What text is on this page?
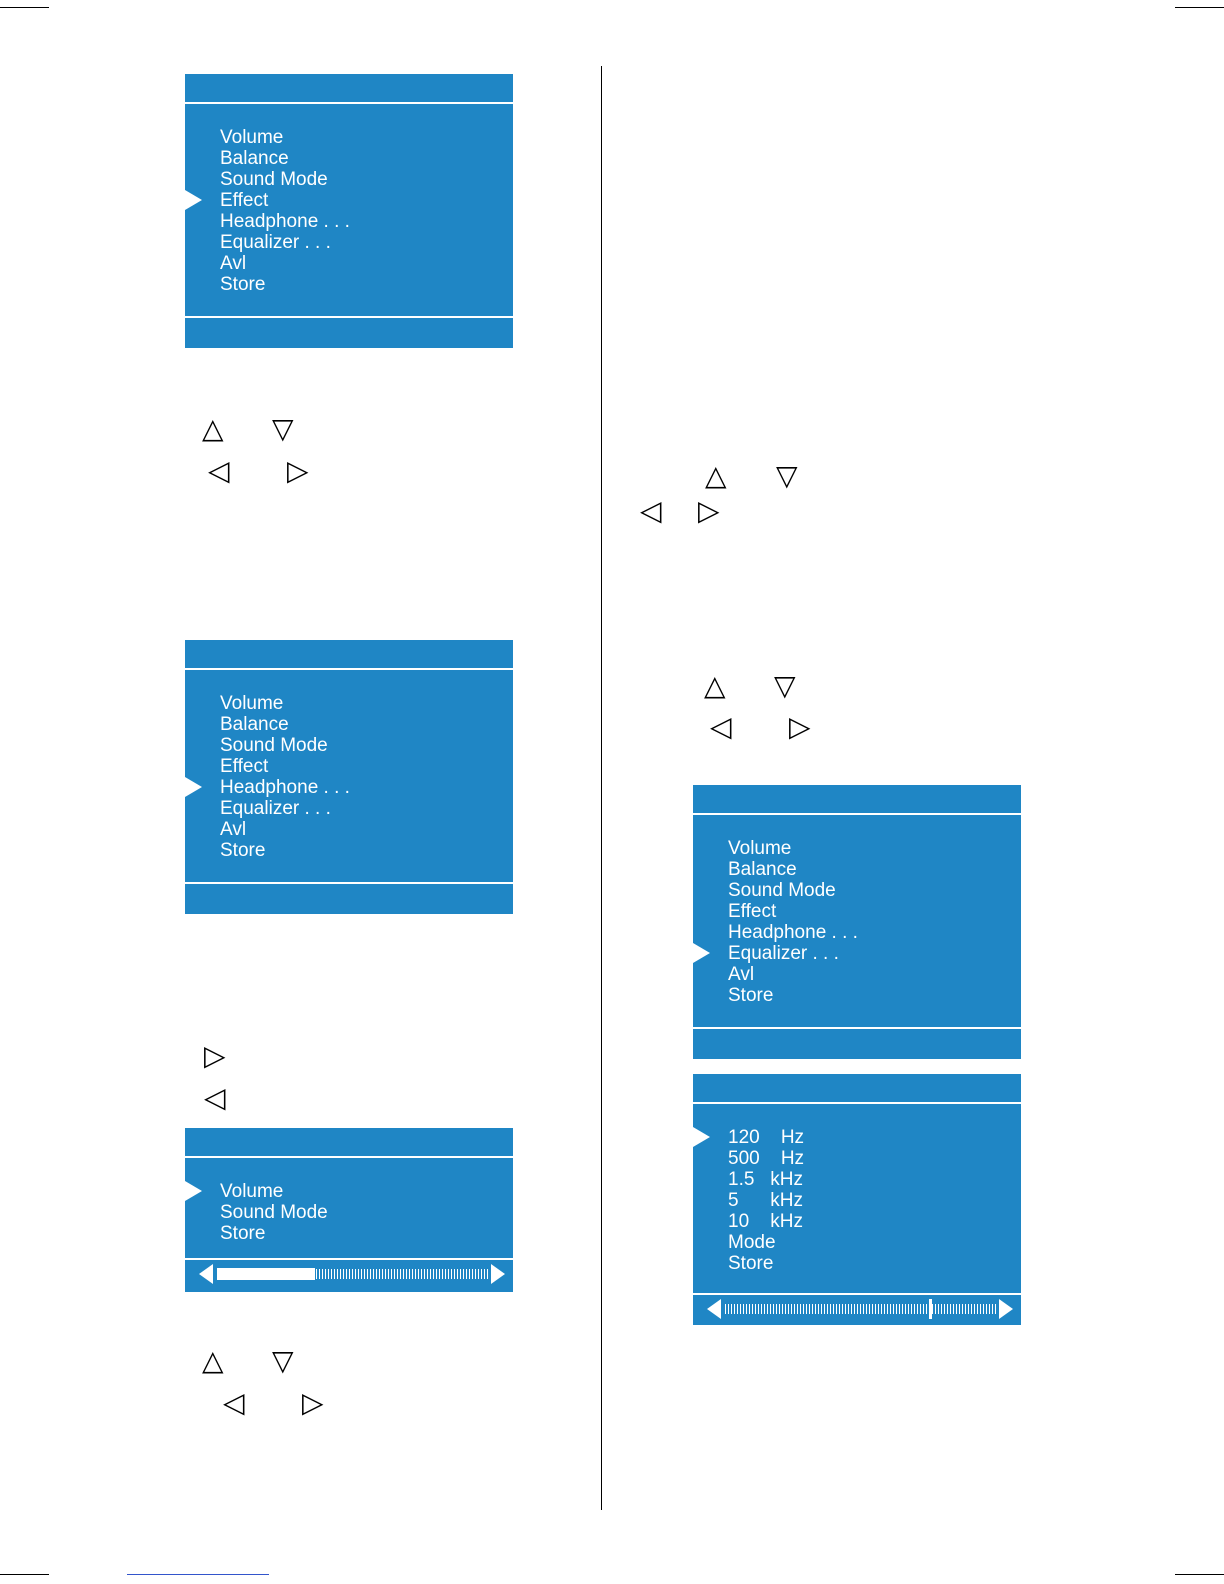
Volume
Balance
Sound Mode
Effect
Headphone . . .
Equalizer . . .
Avl
Store
△ ▽
◁ ▷
Volume
Balance
Sound Mode
Effect
Headphone . . .
Equalizer . . .
Avl
Store
▷
◁
Volume
Sound Mode
Store
△ ▽
◁ ▷
△ ▽
◁ ▷
△ ▽
◁ ▷
Volume
Balance
Sound Mode
Effect
Headphone . . .
Equalizer . . .
Avl
Store
120    Hz
500    Hz
1.5   kHz
5      kHz
10    kHz
Mode
Store
